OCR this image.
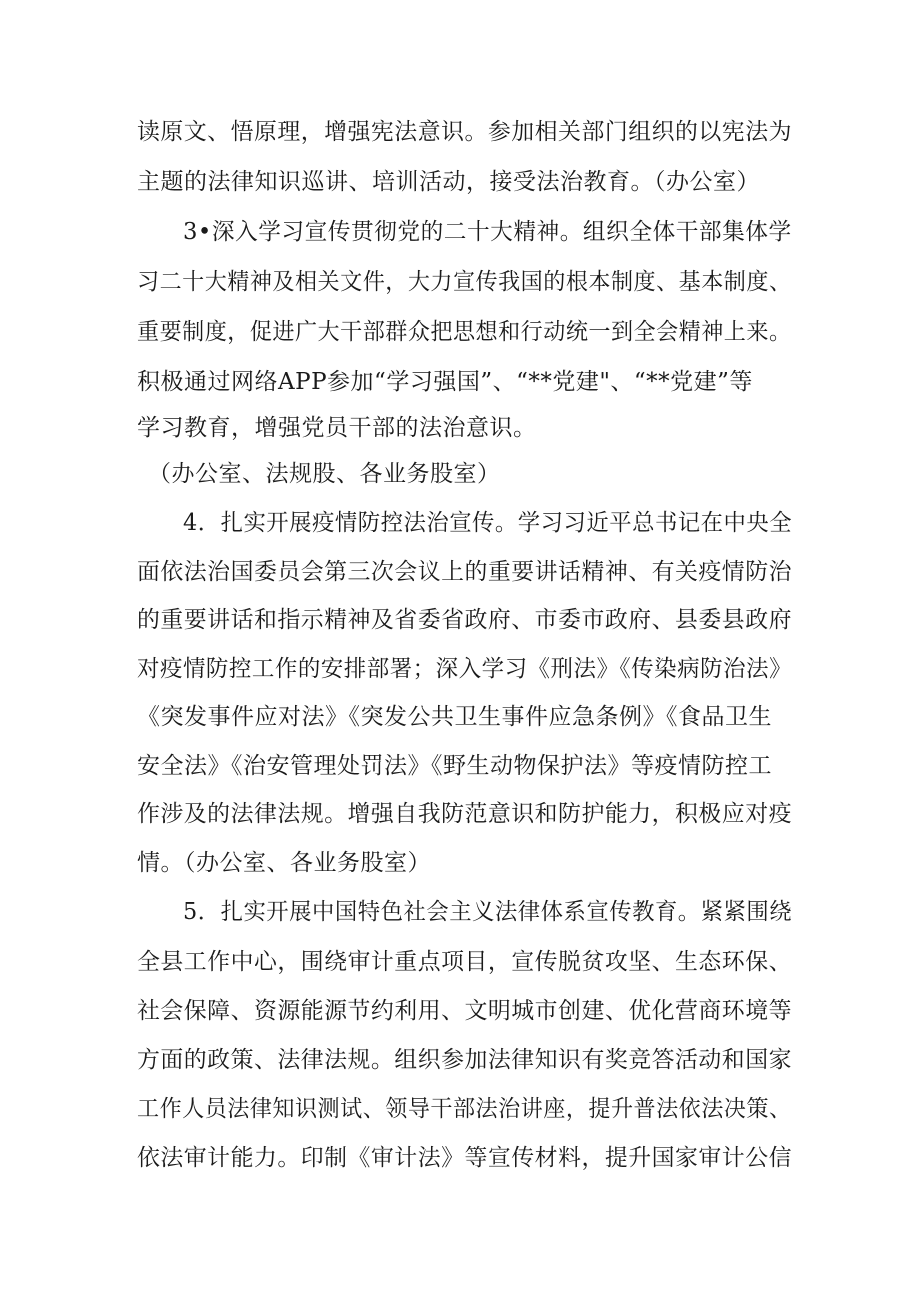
读原文、悟原理，增强宪法意识。参加相关部门组织的以宪法为
主题的法律知识巡讲、培训活动，接受法治教育。（办公室）
3•深入学习宣传贯彻党的二十大精神。组织全体干部集体学
习二十大精神及相关文件，大力宣传我国的根本制度、基本制度、
重要制度，促进广大干部群众把思想和行动统一到全会精神上来。
积极通过网络APP参加“学习强国”、“**党建"、“**党建”等
学习教育，增强党员干部的法治意识。
（办公室、法规股、各业务股室）
4．扎实开展疫情防控法治宣传。学习习近平总书记在中央全
面依法治国委员会第三次会议上的重要讲话精神、有关疫情防治
的重要讲话和指示精神及省委省政府、市委市政府、县委县政府
对疫情防控工作的安排部署；深入学习《刑法》《传染病防治法》
《突发事件应对法》《突发公共卫生事件应急条例》《食品卫生
安全法》《治安管理处罚法》《野生动物保护法》等疫情防控工
作涉及的法律法规。增强自我防范意识和防护能力，积极应对疫
情。（办公室、各业务股室）
5．扎实开展中国特色社会主义法律体系宣传教育。紧紧围绕
全县工作中心，围绕审计重点项目，宣传脱贫攻坚、生态环保、
社会保障、资源能源节约利用、文明城市创建、优化营商环境等
方面的政策、法律法规。组织参加法律知识有奖竞答活动和国家
工作人员法律知识测试、领导干部法治讲座，提升普法依法决策、
依法审计能力。印制《审计法》等宣传材料，提升国家审计公信
